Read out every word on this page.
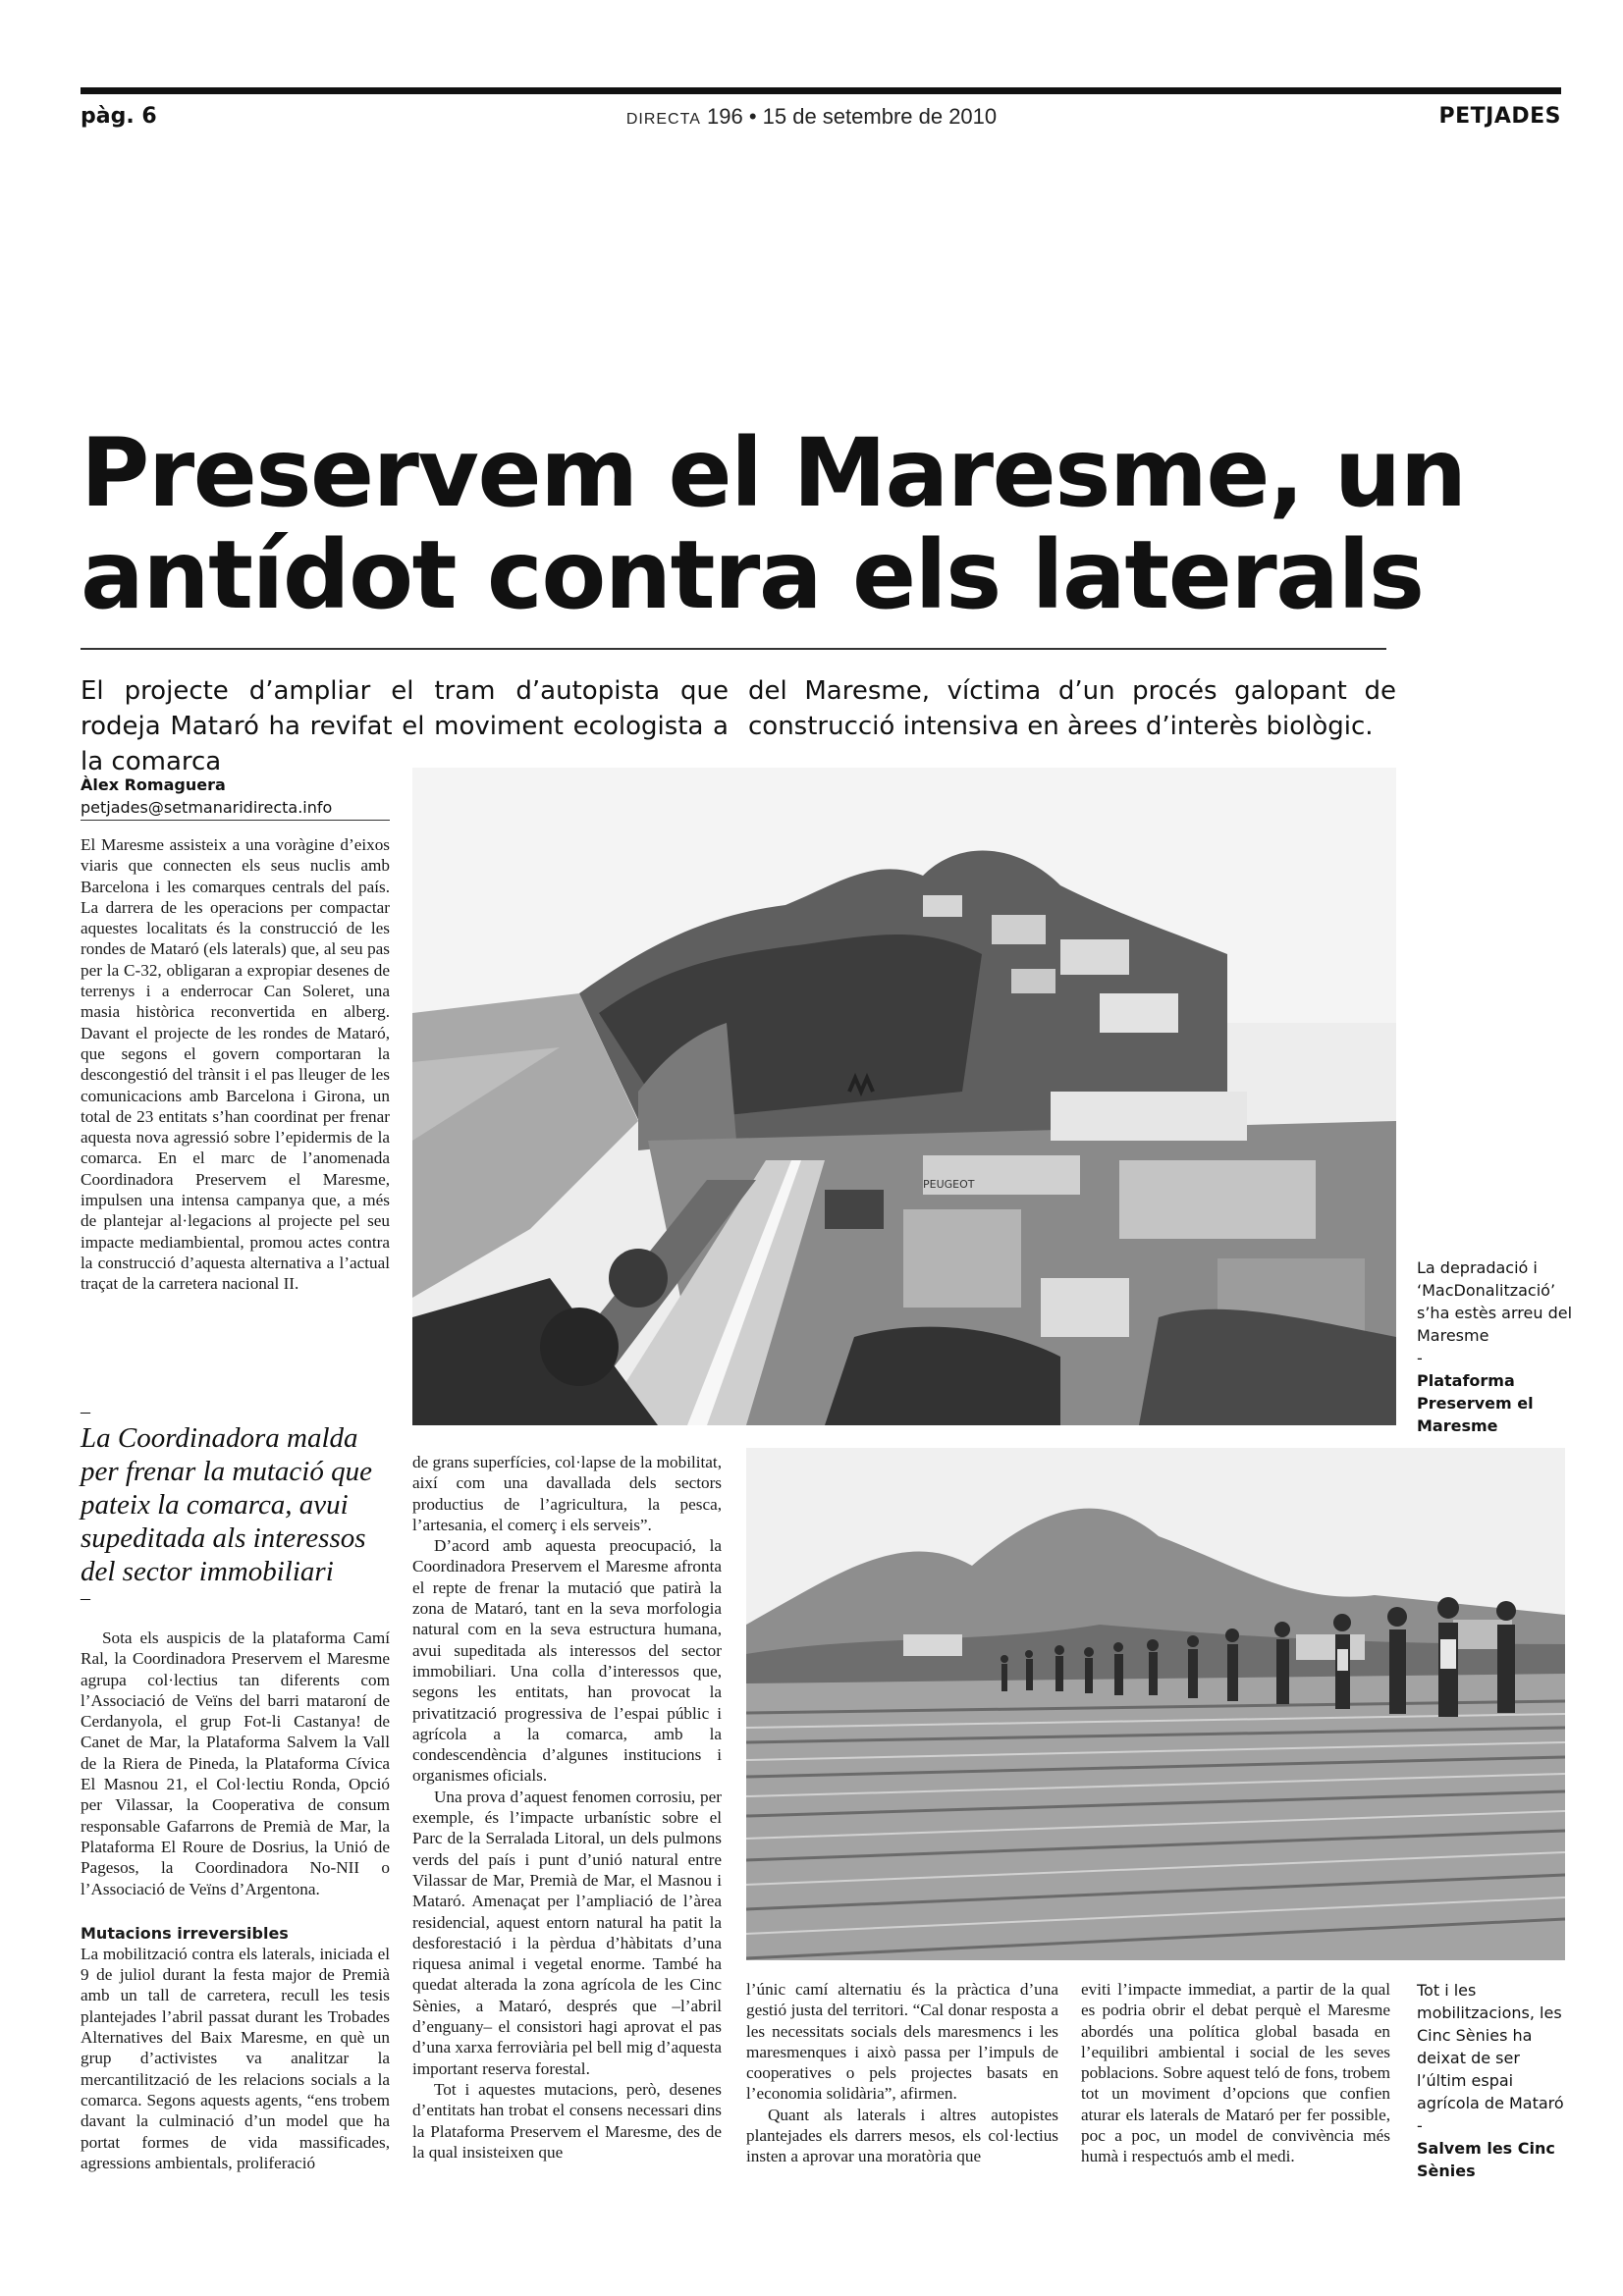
pàg. 6	DIRECTA 196 • 15 de setembre de 2010	PETJADES
Preservem el Maresme, un
antídot contra els laterals
El projecte d’ampliar el tram d’autopista que rodeja Mataró ha revifat el moviment ecologista a la comarca
del Maresme, víctima d’un procés galopant de construcció intensiva en àrees d’interès biològic.
Àlex Romaguera
petjades@setmanaridirecta.info

El Maresme assisteix a una voràgine d’eixos viaris que connecten els seus nuclis amb Barcelona i les comarques centrals del país. La darrera de les operacions per compactar aquestes localitats és la construcció de les rondes de Mataró (els laterals) que, al seu pas per la C-32, obligaran a expropiar desenes de terrenys i a enderrocar Can Soleret, una masia històrica reconvertida en alberg. Davant el projecte de les rondes de Mataró, que segons el govern comportaran la descongestió del trànsit i el pas lleuger de les comunicacions amb Barcelona i Girona, un total de 23 entitats s’han coordinat per frenar aquesta nova agressió sobre l’epidermis de la comarca. En el marc de l’anomenada Coordinadora Preservem el Maresme, impulsen una intensa campanya que, a més de plantejar al·legacions al projecte pel seu impacte mediambiental, promou actes contra la construcció d’aquesta alternativa a l’actual traçat de la carretera nacional II.

–
La Coordinadora malda per frenar la mutació que pateix la comarca, avui supeditada als interessos del sector immobiliari
–

Sota els auspicis de la plataforma Camí Ral, la Coordinadora Preservem el Maresme agrupa col·lectius tan diferents com l’Associació de Veïns del barri mataroní de Cerdanyola, el grup Fot-li Castanya! de Canet de Mar, la Plataforma Salvem la Vall de la Riera de Pineda, la Plataforma Cívica El Masnou 21, el Col·lectiu Ronda, Opció per Vilassar, la Cooperativa de consum responsable Gafarrons de Premià de Mar, la Plataforma El Roure de Dosrius, la Unió de Pagesos, la Coordinadora No-NII o l’Associació de Veïns d’Argentona.

Mutacions irreversibles

La mobilització contra els laterals, iniciada el 9 de juliol durant la festa major de Premià amb un tall de carretera, recull les tesis plantejades l’abril passat durant les Trobades Alternatives del Baix Maresme, en què un grup d’activistes va analitzar la mercantilització de les relacions socials a la comarca. Segons aquests agents, “ens trobem davant la culminació d’un model que ha portat formes de vida massificades, agressions ambientals, proliferació

de grans superfícies, col·lapse de la mobilitat, així com una davallada dels sectors productius de l’agricultura, la pesca, l’artesania, el comerç i els serveis”.

D’acord amb aquesta preocupació, la Coordinadora Preservem el Maresme afronta el repte de frenar la mutació que patirà la zona de Mataró, tant en la seva morfologia natural com en la seva estructura humana, avui supeditada als interessos del sector immobiliari. Una colla d’interessos que, segons les entitats, han provocat la privatització progressiva de l’espai públic i agrícola a la comarca, amb la condescendència d’algunes institucions i organismes oficials.

Una prova d’aquest fenomen corrosiu, per exemple, és l’impacte urbanístic sobre el Parc de la Serralada Litoral, un dels pulmons verds del país i punt d’unió natural entre Vilassar de Mar, Premià de Mar, el Masnou i Mataró. Amenaçat per l’ampliació de l’àrea residencial, aquest entorn natural ha patit la desforestació i la pèrdua d’hàbitats d’una riquesa animal i vegetal enorme. També ha quedat alterada la zona agrícola de les Cinc Sènies, a Mataró, després que –l’abril d’enguany– el consistori hagi aprovat el pas d’una xarxa ferroviària pel bell mig d’aquesta important reserva forestal.

Tot i aquestes mutacions, però, desenes d’entitats han trobat el consens necessari dins la Plataforma Preservem el Maresme, des de la qual insisteixen que

l’únic camí alternatiu és la pràctica d’una gestió justa del territori. “Cal donar resposta a les necessitats socials dels maresmencs i les maresmenques i això passa per l’impuls de cooperatives o pels projectes basats en l’economia solidària”, afirmen.

Quant als laterals i altres autopistes plantejades els darrers mesos, els col·lectius insten a aprovar una moratòria que

eviti l’impacte immediat, a partir de la qual es podria obrir el debat perquè el Maresme abordés una política global basada en l’equilibri ambiental i social de les seves poblacions. Sobre aquest teló de fons, trobem tot un moviment d’opcions que confien aturar els laterals de Mataró per fer possible, poc a poc, un model de convivència més humà i respectuós amb el medi.

PEUGEOT
La depradació i ‘MacDonalització’ s’ha estès arreu del Maresme
-
Plataforma Preservem el Maresme
Tot i les mobilitzacions, les Cinc Sènies ha deixat de ser l’últim espai agrícola de Mataró
-
Salvem les Cinc Sènies
